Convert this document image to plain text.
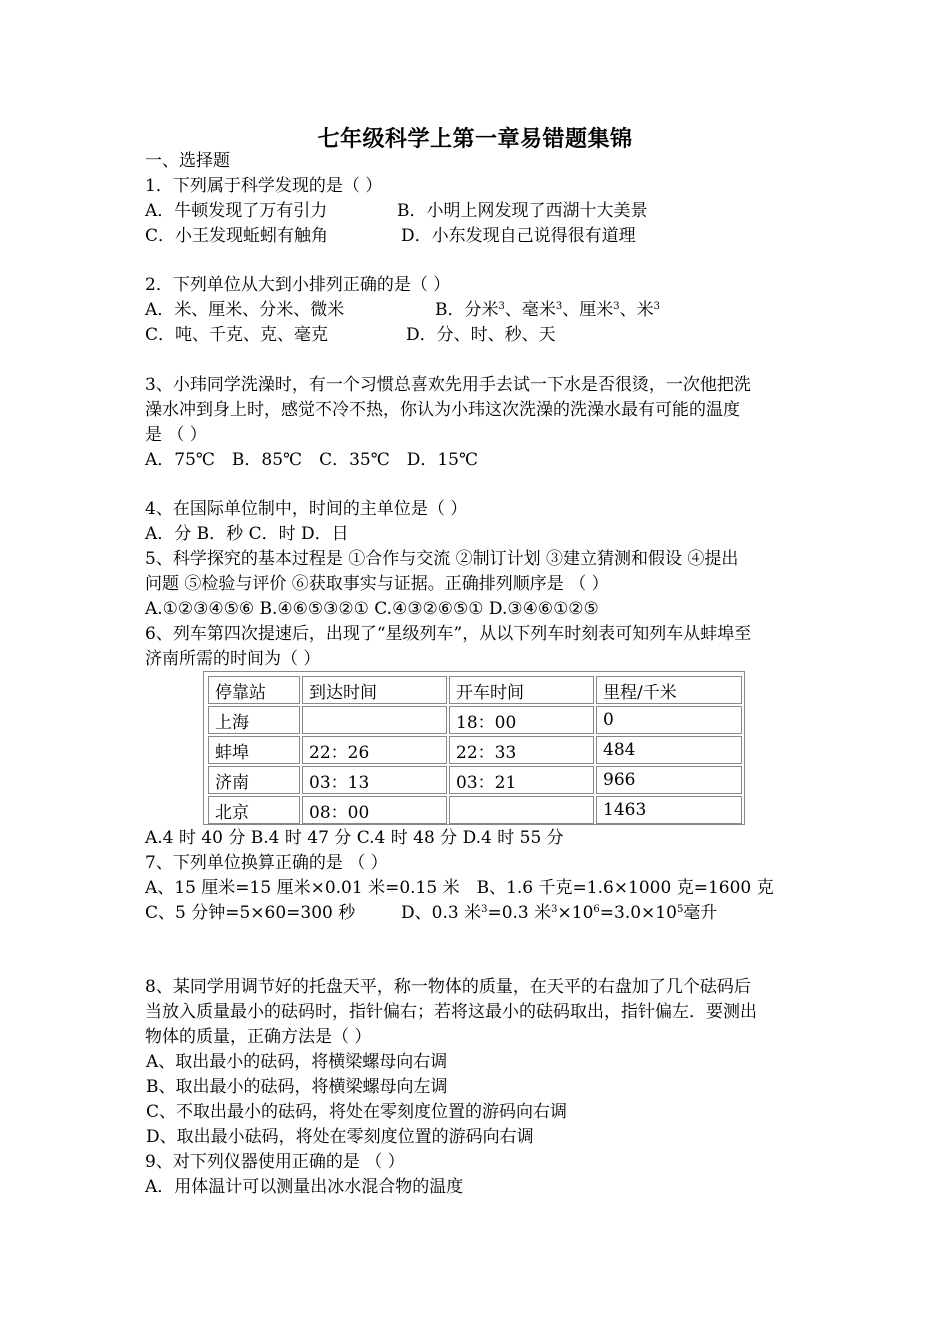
七年级科学上第一章易错题集锦
一、选择题
1．下列属于科学发现的是（ ）
A．牛顿发现了万有引力	B．小明上网发现了西湖十大美景
C．小王发现蚯蚓有触角	D．小东发现自己说得很有道理
2．下列单位从大到小排列正确的是（ ）
A．米、厘米、分米、微米	B．分米$^3$、毫米$^3$、厘米$^3$、米$^3$
C．吨、千克、克、毫克	D．分、时、秒、天
3、小玮同学洗澡时，有一个习惯总喜欢先用手去试一下水是否很烫，一次他把洗
澡水冲到身上时，感觉不冷不热，你认为小玮这次洗澡的洗澡水最有可能的温度
是 （ ）
A．75℃　B．85℃　C．35℃　D．15℃
4、在国际单位制中，时间的主单位是（ ）
A．分 B．秒 C．时 D．日
5、科学探究的基本过程是 ①合作与交流 ②制订计划 ③建立猜测和假设 ④提出
问题 ⑤检验与评价 ⑥获取事实与证据。正确排列顺序是 （ ）
A.①②③④⑤⑥ B.④⑥⑤③②① C.④③②⑥⑤① D.③④⑥①②⑤
6、列车第四次提速后，出现了“星级列车”，从以下列车时刻表可知列车从蚌埠至
济南所需的时间为（ ）
停靠站	到达时间	开车时间	里程/千米
上海		18：00	0
蚌埠	22：26	22：33	484
济南	03：13	03：21	966
北京	08：00		1463
A.4 时 40 分 B.4 时 47 分 C.4 时 48 分 D.4 时 55 分
7、下列单位换算正确的是 （ ）
A、15 厘米=15 厘米×0.01 米=0.15 米　B、1.6 千克=1.6×1000 克=1600 克
C、5 分钟=5×60=300 秒	D、0.3 米$^3$=0.3 米$^3\times 10^6=3.0\times 10^5$毫升
8、某同学用调节好的托盘天平，称一物体的质量，在天平的右盘加了几个砝码后
当放入质量最小的砝码时，指针偏右；若将这最小的砝码取出，指针偏左．要测出
物体的质量，正确方法是（ ）
A、取出最小的砝码，将横梁螺母向右调
B、取出最小的砝码，将横梁螺母向左调
C、不取出最小的砝码，将处在零刻度位置的游码向右调
D、取出最小砝码，将处在零刻度位置的游码向右调
9、对下列仪器使用正确的是 （ ）
A．用体温计可以测量出冰水混合物的温度
